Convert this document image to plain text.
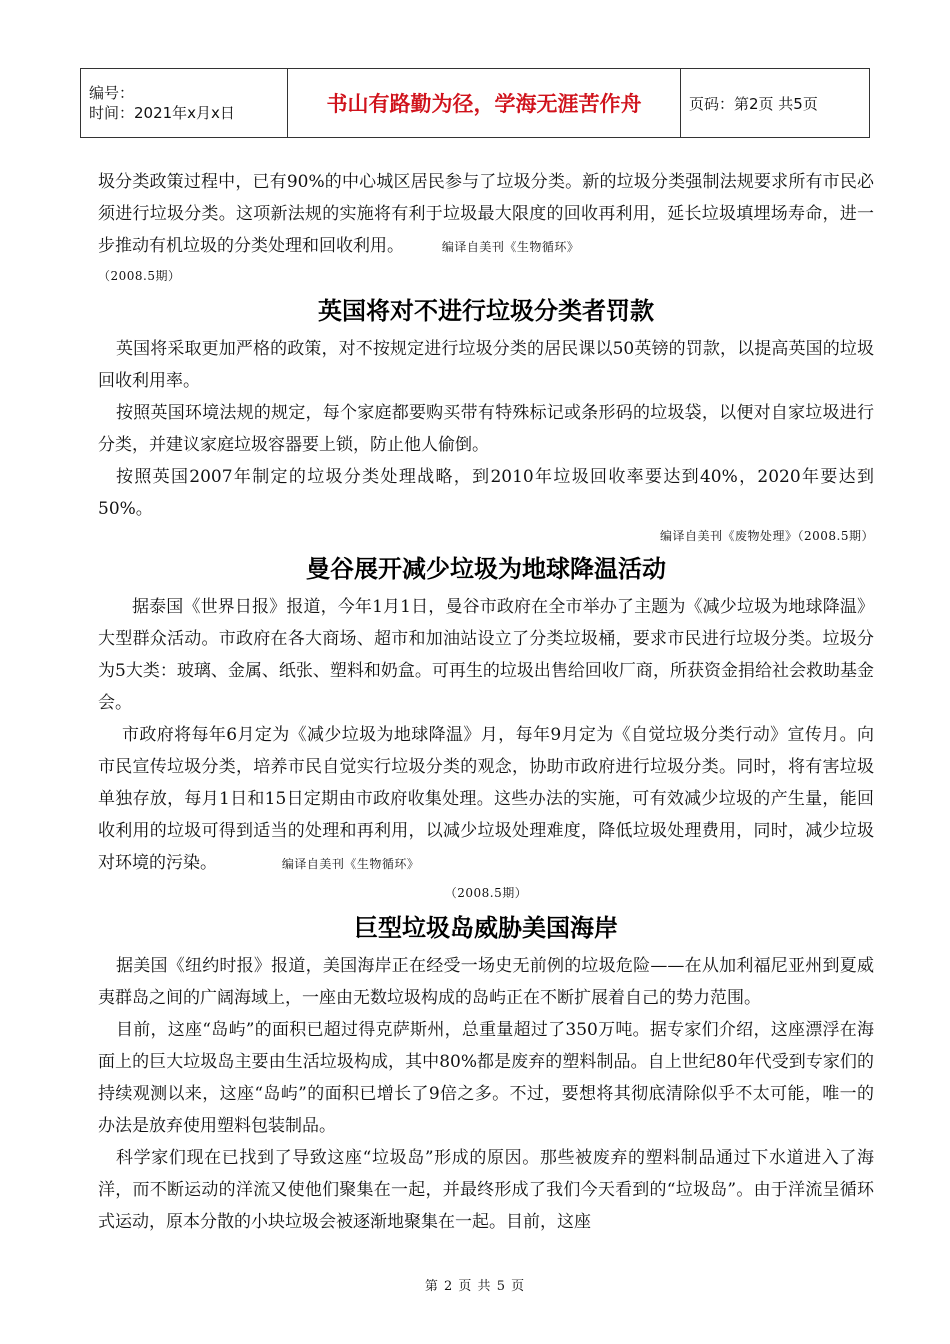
编号：
时间：2021年x月x日	书山有路勤为径，学海无涯苦作舟	页码：第2页 共5页

圾分类政策过程中，已有90%的中心城区居民参与了垃圾分类。新的垃圾分类强制法规要求所有市民必须进行垃圾分类。这项新法规的实施将有利于垃圾最大限度的回收再利用，延长垃圾填埋场寿命，进一步推动有机垃圾的分类处理和回收利用。	编译自美刊《生物循环》

（2008.5期）
英国将对不进行垃圾分类者罚款

英国将采取更加严格的政策，对不按规定进行垃圾分类的居民课以50英镑的罚款，以提高英国的垃圾回收利用率。

按照英国环境法规的规定，每个家庭都要购买带有特殊标记或条形码的垃圾袋，以便对自家垃圾进行分类，并建议家庭垃圾容器要上锁，防止他人偷倒。

按照英国2007年制定的垃圾分类处理战略，到2010年垃圾回收率要达到40%，2020年要达到50%。

编译自美刊《废物处理》（2008.5期）
曼谷展开减少垃圾为地球降温活动

据泰国《世界日报》报道，今年1月1日，曼谷市政府在全市举办了主题为《减少垃圾为地球降温》大型群众活动。市政府在各大商场、超市和加油站设立了分类垃圾桶，要求市民进行垃圾分类。垃圾分为5大类：玻璃、金属、纸张、塑料和奶盒。可再生的垃圾出售给回收厂商，所获资金捐给社会救助基金会。

市政府将每年6月定为《减少垃圾为地球降温》月，每年9月定为《自觉垃圾分类行动》宣传月。向市民宣传垃圾分类，培养市民自觉实行垃圾分类的观念，协助市政府进行垃圾分类。同时，将有害垃圾单独存放，每月1日和15日定期由市政府收集处理。这些办法的实施，可有效减少垃圾的产生量，能回收利用的垃圾可得到适当的处理和再利用，以减少垃圾处理难度，降低垃圾处理费用，同时，减少垃圾对环境的污染。	编译自美刊《生物循环》

（2008.5期）
巨型垃圾岛威胁美国海岸

据美国《纽约时报》报道，美国海岸正在经受一场史无前例的垃圾危险——在从加利福尼亚州到夏威夷群岛之间的广阔海域上，一座由无数垃圾构成的岛屿正在不断扩展着自己的势力范围。

目前，这座“岛屿”的面积已超过得克萨斯州，总重量超过了350万吨。据专家们介绍，这座漂浮在海面上的巨大垃圾岛主要由生活垃圾构成，其中80%都是废弃的塑料制品。自上世纪80年代受到专家们的持续观测以来，这座“岛屿”的面积已增长了9倍之多。不过，要想将其彻底清除似乎不太可能，唯一的办法是放弃使用塑料包装制品。

科学家们现在已找到了导致这座“垃圾岛”形成的原因。那些被废弃的塑料制品通过下水道进入了海洋，而不断运动的洋流又使他们聚集在一起，并最终形成了我们今天看到的“垃圾岛”。由于洋流呈循环式运动，原本分散的小块垃圾会被逐渐地聚集在一起。目前，这座

第 2 页 共 5 页
